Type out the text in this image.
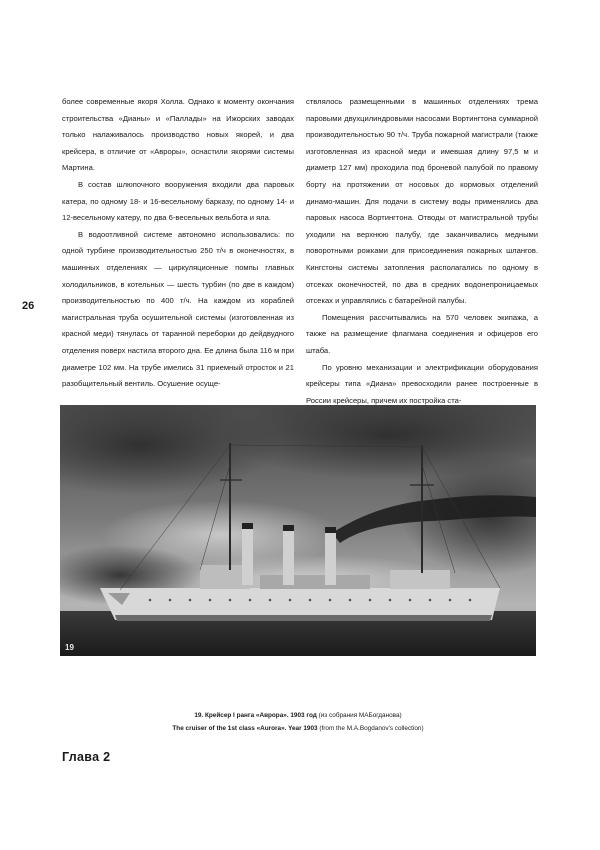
26

более современные якоря Холла. Однако к моменту окончания строительства «Дианы» и «Паллады» на Ижорских заводах только налаживалось производство новых якорей, и два крейсера, в отличие от «Авроры», оснастили якорями системы Мартина.

В состав шлюпочного вооружения входили два паровых катера, по одному 18- и 16-весельному барказу, по одному 14- и 12-весельному катеру, по два 6-весельных вельбота и яла.

В водоотливной системе автономно использовались: по одной турбине производительностью 250 т/ч в оконечностях, в машинных отделениях — циркуляционные помпы главных холодильников, в котельных — шесть турбин (по две в каждом) производительностью по 400 т/ч. На каждом из кораблей магистральная труба осушительной системы (изготовленная из красной меди) тянулась от таранной переборки до дейдвудного отделения поверх настила второго дна. Ее длина была 116 м при диаметре 102 мм. На трубе имелись 31 приемный отросток и 21 разобщительный вентиль. Осушение осуще-

ствлялось размещенными в машинных отделениях трема паровыми двухцилиндровыми насосами Вортингтона суммарной производительностью 90 т/ч. Труба пожарной магистрали (также изготовленная из красной меди и имевшая длину 97,5 м и диаметр 127 мм) проходила под броневой палубой по правому борту на протяжении от носовых до кормовых отделений динамо-машин. Для подачи в систему воды применялись два паровых насоса Вортингтона. Отводы от магистральной трубы уходили на верхнюю палубу, где заканчивались медными поворотными рожками для присоединения пожарных шлангов. Кингстоны системы затопления располагались по одному в отсеках оконечностей, по два в средних водонепроницаемых отсеках и управлялись с батарейной палубы.

Помещения рассчитывались на 570 человек экипажа, а также на размещение флагмана соединения и офицеров его штаба.

По уровню механизации и электрификации оборудования крейсеры типа «Диана» превосходили ранее построенные в России крейсеры, причем их постройка ста-

19
19. Крейсер I ранга «Аврора». 1903 год (из собрания МАБогданова)
The cruiser of the 1st class «Aurora». Year 1903 (from the M.A.Bogdanov's collection)
Глава 2
